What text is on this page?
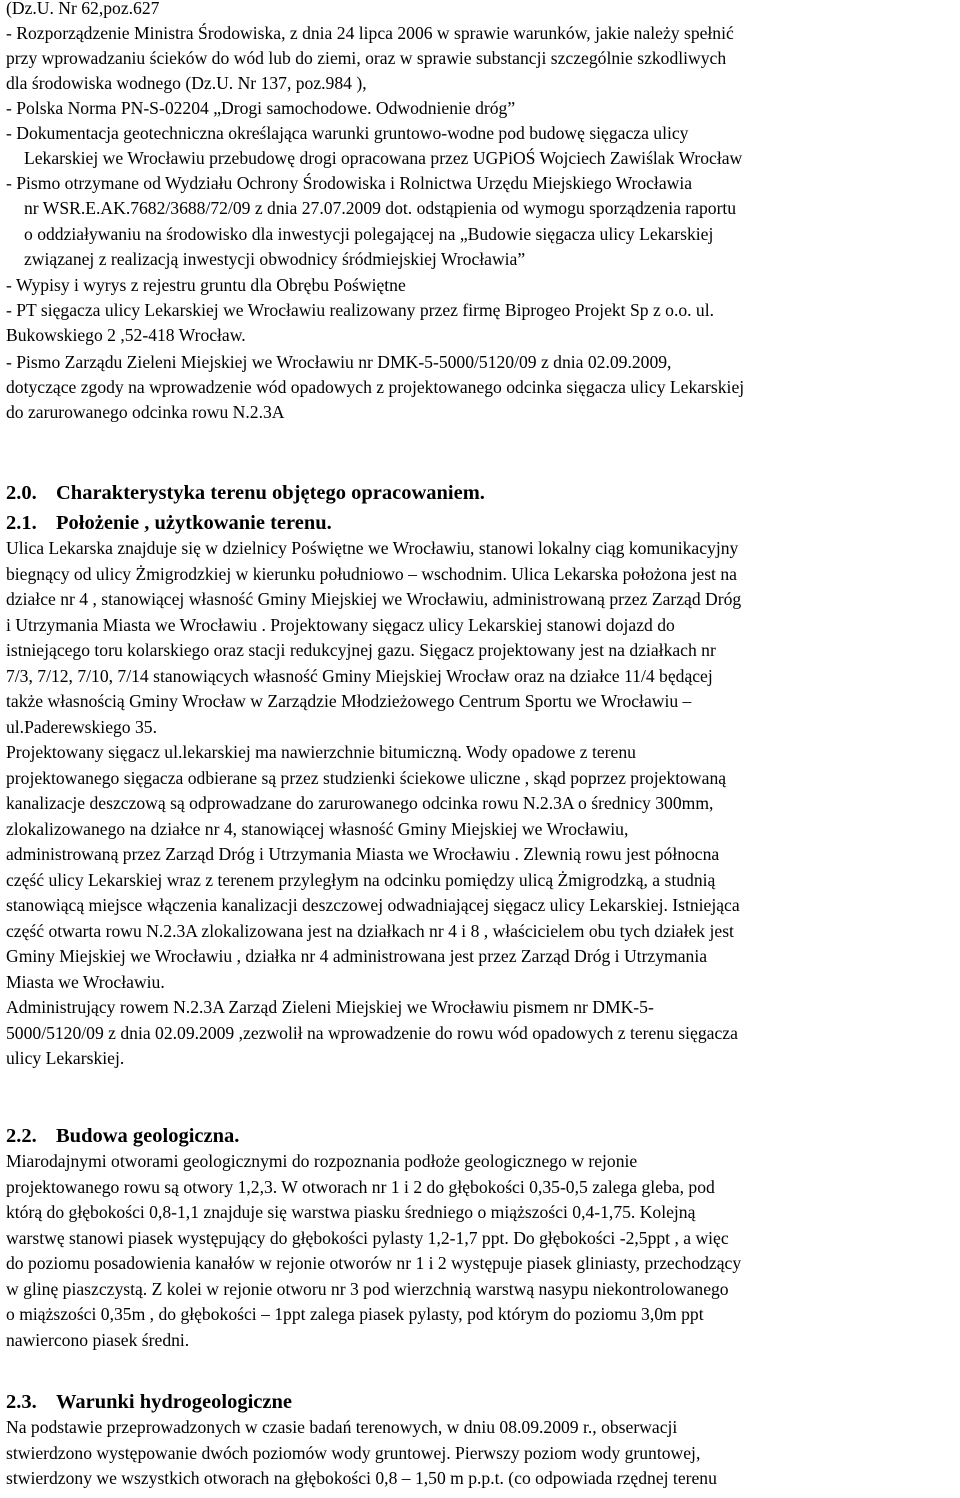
(Dz.U. Nr 62,poz.627
- Rozporządzenie Ministra Środowiska, z dnia 24 lipca 2006 w sprawie warunków, jakie należy spełnić
przy wprowadzaniu ścieków do wód lub do ziemi, oraz w sprawie substancji szczególnie szkodliwych
dla środowiska wodnego (Dz.U. Nr 137, poz.984 ),
- Polska Norma PN-S-02204 „Drogi samochodowe. Odwodnienie dróg”
- Dokumentacja geotechniczna określająca warunki gruntowo-wodne pod budowę sięgacza ulicy
Lekarskiej we Wrocławiu przebudowę drogi opracowana przez UGPiOŚ Wojciech Zawiślak Wrocław
- Pismo otrzymane od Wydziału Ochrony Środowiska i Rolnictwa Urzędu Miejskiego Wrocławia
nr WSR.E.AK.7682/3688/72/09 z dnia 27.07.2009 dot. odstąpienia od wymogu sporządzenia raportu
o oddziaływaniu na środowisko dla inwestycji polegającej na „Budowie sięgacza ulicy Lekarskiej
związanej z realizacją inwestycji obwodnicy śródmiejskiej Wrocławia”
- Wypisy i wyrys z rejestru gruntu dla Obrębu Poświętne
- PT sięgacza ulicy Lekarskiej we Wrocławiu realizowany przez firmę Biprogeo Projekt Sp z o.o. ul.
Bukowskiego 2 ,52-418 Wrocław.
- Pismo Zarządu Zieleni Miejskiej we Wrocławiu nr DMK-5-5000/5120/09 z dnia 02.09.2009,
dotyczące zgody na wprowadzenie wód opadowych z projektowanego odcinka sięgacza ulicy Lekarskiej
do zarurowanego odcinka rowu N.2.3A
2.0. Charakterystyka terenu objętego opracowaniem.
2.1. Położenie , użytkowanie terenu.
Ulica Lekarska znajduje się w dzielnicy Poświętne we Wrocławiu, stanowi lokalny ciąg komunikacyjny
biegnący od ulicy Żmigrodzkiej w kierunku południowo – wschodnim. Ulica Lekarska położona jest na
działce nr 4 , stanowiącej własność Gminy Miejskiej we Wrocławiu, administrowaną przez Zarząd Dróg
i Utrzymania Miasta we Wrocławiu . Projektowany sięgacz ulicy Lekarskiej stanowi dojazd do
istniejącego toru kolarskiego oraz stacji redukcyjnej gazu. Sięgacz projektowany jest na działkach nr
7/3, 7/12, 7/10, 7/14 stanowiących własność Gminy Miejskiej Wrocław oraz na działce 11/4 będącej
także własnością Gminy Wrocław w Zarządzie Młodzieżowego Centrum Sportu we Wrocławiu –
ul.Paderewskiego 35.
Projektowany sięgacz ul.lekarskiej ma nawierzchnie bitumiczną. Wody opadowe z terenu
projektowanego sięgacza odbierane są przez studzienki ściekowe uliczne , skąd poprzez projektowaną
kanalizacje deszczową są odprowadzane do zarurowanego odcinka rowu N.2.3A o średnicy 300mm,
zlokalizowanego na działce nr 4, stanowiącej własność Gminy Miejskiej we Wrocławiu,
administrowaną przez Zarząd Dróg i Utrzymania Miasta we Wrocławiu . Zlewnią rowu jest północna
część ulicy Lekarskiej wraz z terenem przyległym na odcinku pomiędzy ulicą Żmigrodzką, a studnią
stanowiącą miejsce włączenia kanalizacji deszczowej odwadniającej sięgacz ulicy Lekarskiej. Istniejąca
część otwarta rowu N.2.3A zlokalizowana jest na działkach nr 4 i 8 , właścicielem obu tych działek jest
Gminy Miejskiej we Wrocławiu , działka nr 4 administrowana jest przez Zarząd Dróg i Utrzymania
Miasta we Wrocławiu.
Administrujący rowem N.2.3A Zarząd Zieleni Miejskiej we Wrocławiu pismem nr DMK-5-
5000/5120/09 z dnia 02.09.2009 ,zezwolił na wprowadzenie do rowu wód opadowych z terenu sięgacza
ulicy Lekarskiej.
2.2. Budowa geologiczna.
Miarodajnymi otworami geologicznymi do rozpoznania podłoże geologicznego w rejonie
projektowanego rowu są otwory 1,2,3. W otworach nr 1 i 2 do głębokości 0,35-0,5 zalega gleba, pod
którą do głębokości 0,8-1,1 znajduje się warstwa piasku średniego o miąższości 0,4-1,75. Kolejną
warstwę stanowi piasek występujący do głębokości pylasty 1,2-1,7 ppt. Do głębokości -2,5ppt , a więc
do poziomu posadowienia kanałów w rejonie otworów nr 1 i 2 występuje piasek gliniasty, przechodzący
w glinę piaszczystą. Z kolei w rejonie otworu nr 3 pod wierzchnią warstwą nasypu niekontrolowanego
o miąższości 0,35m , do głębokości – 1ppt zalega piasek pylasty, pod którym do poziomu 3,0m ppt
nawiercono piasek średni.
2.3. Warunki hydrogeologiczne
Na podstawie przeprowadzonych w czasie badań terenowych, w dniu 08.09.2009 r., obserwacji
stwierdzono występowanie dwóch poziomów wody gruntowej. Pierwszy poziom wody gruntowej,
stwierdzony we wszystkich otworach na głębokości 0,8 – 1,50 m p.p.t. (co odpowiada rzędnej terenu
